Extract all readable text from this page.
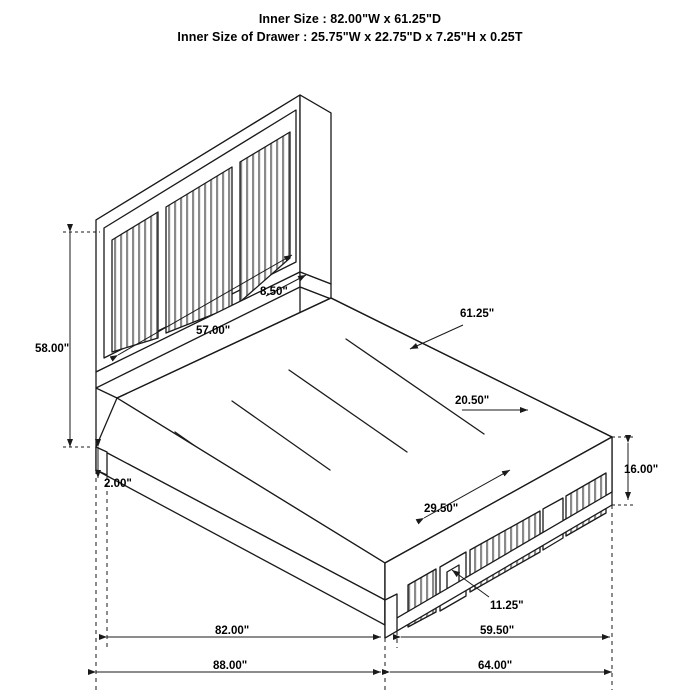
Inner Size : 82.00"W x 61.25"D
Inner Size of Drawer : 25.75"W x 22.75"D x 7.25"H x 0.25T
58.00"
2.00"
57.00"
8.50"
61.25"
20.50"
29.50"
11.25"
16.00"
82.00"	59.50"
88.00"	64.00"
